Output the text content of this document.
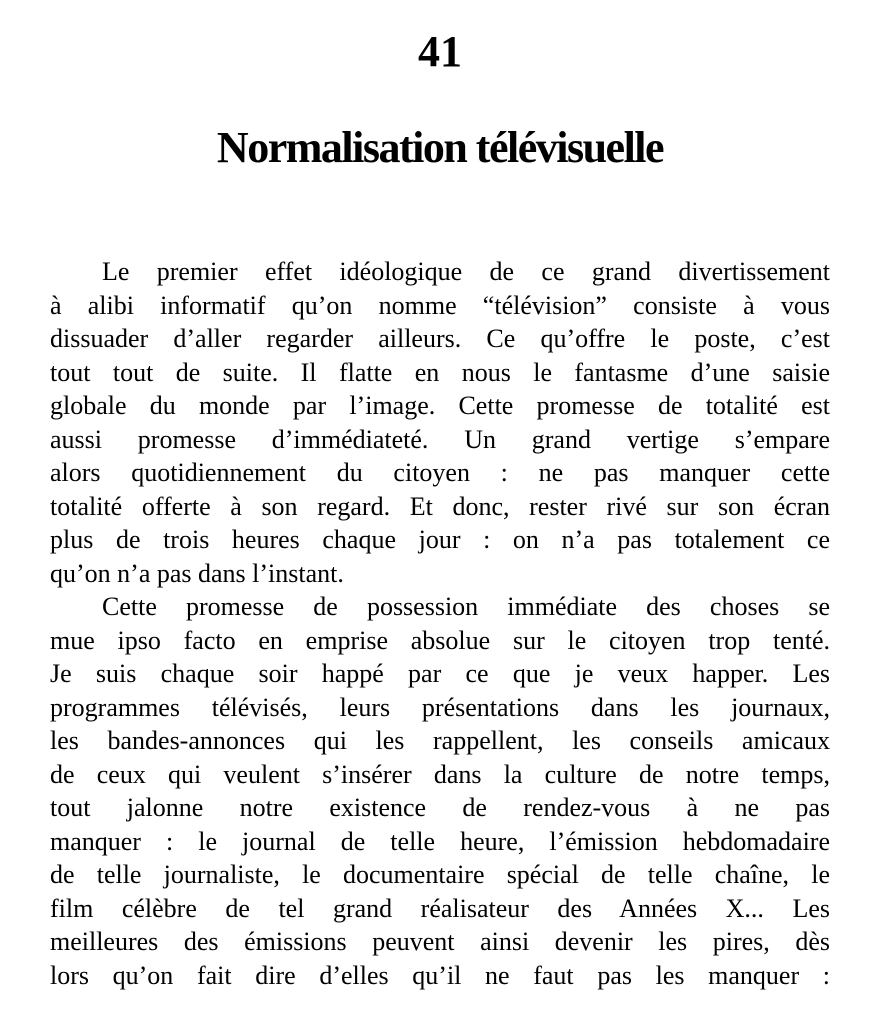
41
Normalisation télévisuelle
Le premier effet idéologique de ce grand divertissement
à alibi informatif qu’on nomme “télévision” consiste à vous
dissuader d’aller regarder ailleurs. Ce qu’offre le poste, c’est
tout tout de suite. Il flatte en nous le fantasme d’une saisie
globale du monde par l’image. Cette promesse de totalité est
aussi promesse d’immédiateté. Un grand vertige s’empare
alors quotidiennement du citoyen : ne pas manquer cette
totalité offerte à son regard. Et donc, rester rivé sur son écran
plus de trois heures chaque jour : on n’a pas totalement ce
qu’on n’a pas dans l’instant.
Cette promesse de possession immédiate des choses se
mue ipso facto en emprise absolue sur le citoyen trop tenté.
Je suis chaque soir happé par ce que je veux happer. Les
programmes télévisés, leurs présentations dans les journaux,
les bandes-annonces qui les rappellent, les conseils amicaux
de ceux qui veulent s’insérer dans la culture de notre temps,
tout jalonne notre existence de rendez-vous à ne pas
manquer : le journal de telle heure, l’émission hebdomadaire
de telle journaliste, le documentaire spécial de telle chaîne, le
film célèbre de tel grand réalisateur des Années X... Les
meilleures des émissions peuvent ainsi devenir les pires, dès
lors qu’on fait dire d’elles qu’il ne faut pas les manquer :
